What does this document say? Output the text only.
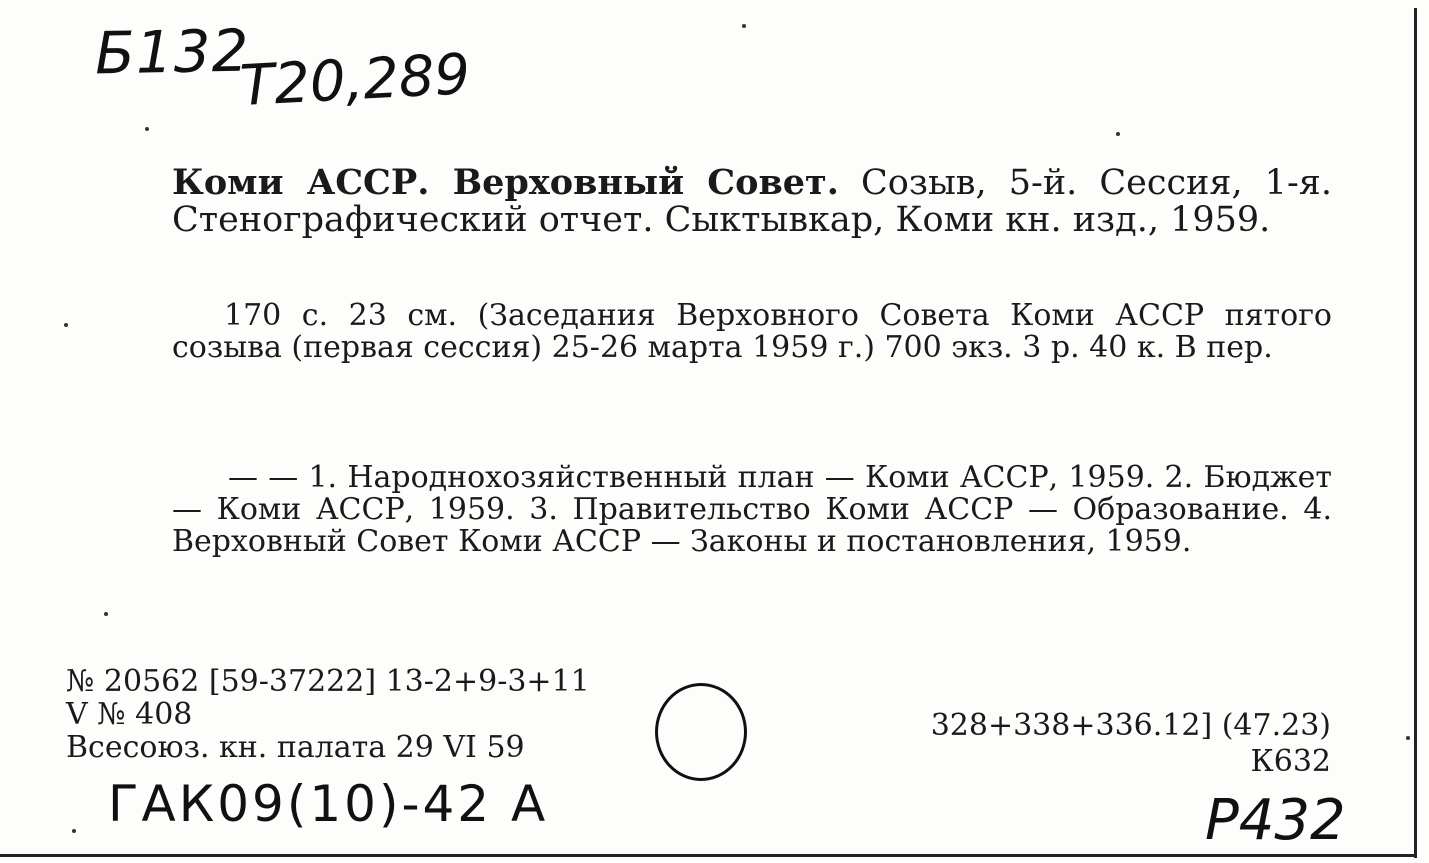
Б132
T20,289
Коми АССР. Верховный Совет. Созыв, 5-й. Сессия, 1-я. Стенографический отчет. Сыктывкар, Коми кн. изд., 1959.
170 с. 23 см. (Заседания Верховного Совета Коми АССР пятого созыва (первая сессия) 25-26 марта 1959 г.) 700 экз. 3 р. 40 к. В пер.
— — 1. Народнохозяйственный план — Коми АССР, 1959. 2. Бюджет — Коми АССР, 1959. 3. Правительство Коми АССР — Образование. 4. Верховный Совет Коми АССР — Законы и постановления, 1959.
№ 20562 [59-37222] 13-2+9-3+11
V № 408
Всесоюз. кн. палата 29 VI 59
328+338+336.12] (47.23)
К632
ГАК09(10)-42 А	Р432
